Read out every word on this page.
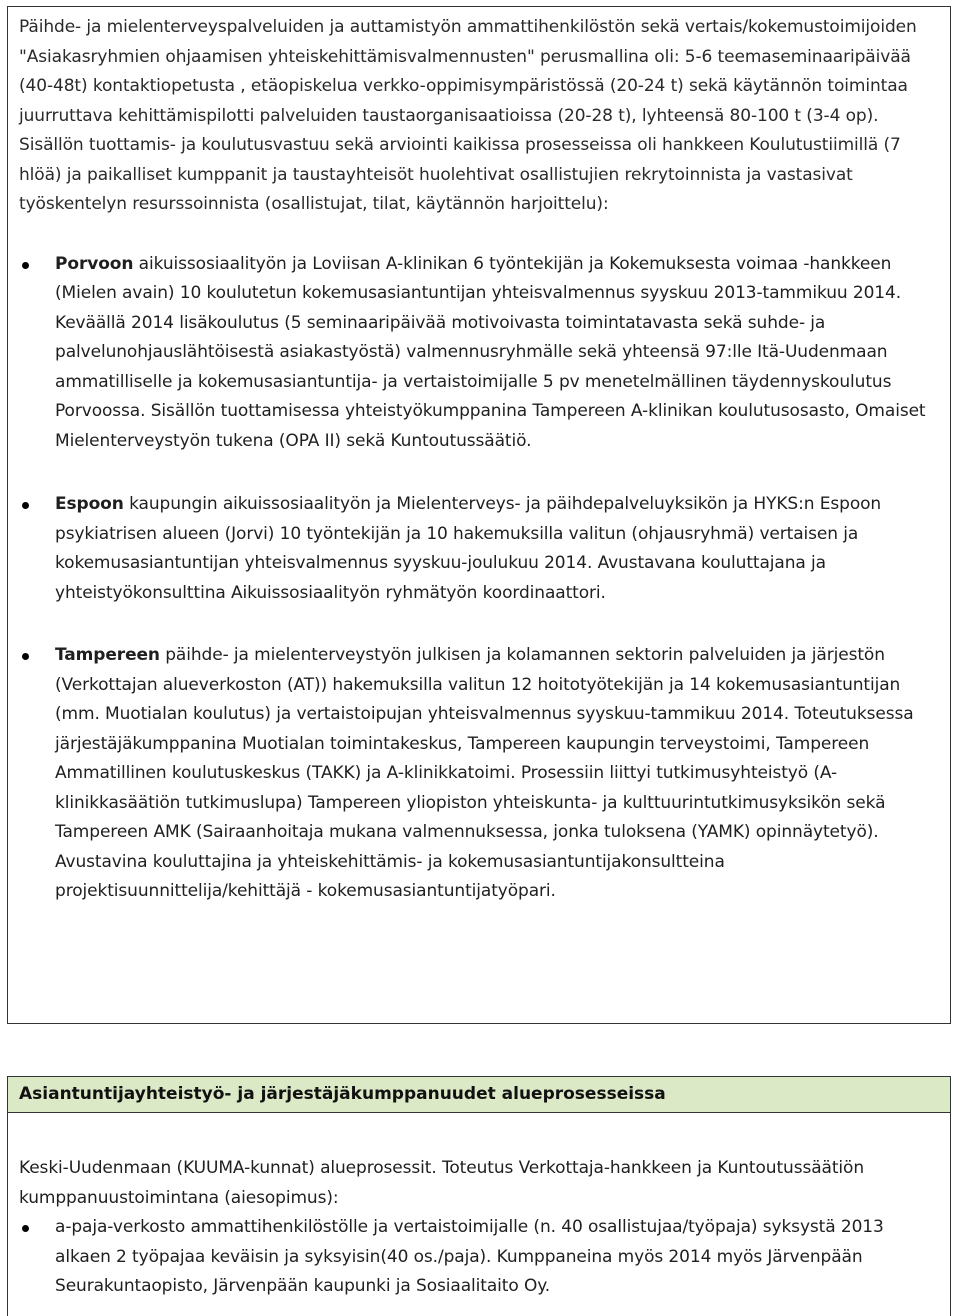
Päihde- ja mielenterveyspalveluiden ja auttamistyön ammattihenkilöstön sekä vertais/kokemustoimijoiden "Asiakasryhmien ohjaamisen yhteiskehittämisvalmennusten" perusmallina oli: 5-6 teemaseminaaripäivää (40-48t) kontaktiopetusta , etäopiskelua verkko-oppimisympäristössä (20-24 t) sekä käytännön toimintaa juurruttava kehittämispilotti palveluiden taustaorganisaatioissa (20-28 t), lyhteensä 80-100 t (3-4 op). Sisällön tuottamis- ja koulutusvastuu sekä arviointi kaikissa prosesseissa oli hankkeen Koulutustiimillä (7 hlöä) ja paikalliset kumppanit ja taustayhteisöt huolehtivat osallistujien rekrytoinnista ja vastasivat työskentelyn resurssoinnista (osallistujat, tilat, käytännön harjoittelu):

Porvoon aikuissosiaalityön ja Loviisan A-klinikan 6 työntekijän ja Kokemuksesta voimaa -hankkeen (Mielen avain) 10 koulutetun kokemusasiantuntijan yhteisvalmennus syyskuu 2013-tammikuu 2014. Keväällä 2014 lisäkoulutus (5 seminaaripäivää motivoivasta toimintatavasta sekä suhde- ja palvelunohjauslähtöisestä asiakastyöstä) valmennusryhmälle sekä yhteensä 97:lle Itä-Uudenmaan ammatilliselle ja kokemusasiantuntija- ja vertaistoimijalle 5 pv menetelmällinen täydennyskoulutus Porvoossa. Sisällön tuottamisessa yhteistyökumppanina Tampereen A-klinikan koulutusosasto, Omaiset Mielenterveystyön tukena (OPA II) sekä Kuntoutussäätiö.
Espoon kaupungin aikuissosiaalityön ja Mielenterveys- ja päihdepalveluyksikön ja HYKS:n Espoon psykiatrisen alueen (Jorvi) 10 työntekijän ja 10 hakemuksilla valitun (ohjausryhmä) vertaisen ja kokemusasiantuntijan yhteisvalmennus syyskuu-joulukuu 2014. Avustavana kouluttajana ja yhteistyökonsulttina Aikuissosiaalityön ryhmätyön koordinaattori.
Tampereen päihde- ja mielenterveystyön julkisen ja kolamannen sektorin palveluiden ja järjestön (Verkottajan alueverkoston (AT)) hakemuksilla valitun 12 hoitotyötekijän ja 14 kokemusasiantuntijan (mm. Muotialan koulutus) ja vertaistoipujan yhteisvalmennus syyskuu-tammikuu 2014. Toteutuksessa järjestäjäkumppanina Muotialan toimintakeskus, Tampereen kaupungin terveystoimi, Tampereen Ammatillinen koulutuskeskus (TAKK) ja A-klinikkatoimi. Prosessiin liittyi tutkimusyhteistyö (A-klinikkasäätiön tutkimuslupa) Tampereen yliopiston yhteiskunta- ja kulttuurintutkimusyksikön sekä Tampereen AMK (Sairaanhoitaja mukana valmennuksessa, jonka tuloksena (YAMK) opinnäytetyö). Avustavina kouluttajina ja yhteiskehittämis- ja kokemusasiantuntijakonsultteina projektisuunnittelija/kehittäjä - kokemusasiantuntijatyöpari.

Asiantuntijayhteistyö- ja järjestäjäkumppanuudet alueprosesseissa

Keski-Uudenmaan (KUUMA-kunnat) alueprosessit. Toteutus Verkottaja-hankkeen ja Kuntoutussäätiön kumppanuustoimintana (aiesopimus):

a-paja-verkosto ammattihenkilöstölle ja vertaistoimijalle (n. 40 osallistujaa/työpaja) syksystä 2013 alkaen 2 työpajaa keväisin ja syksyisin(40 os./paja). Kumppaneina myös 2014 myös Järvenpään Seurakuntaopisto, Järvenpään kaupunki ja Sosiaalitaito Oy.
